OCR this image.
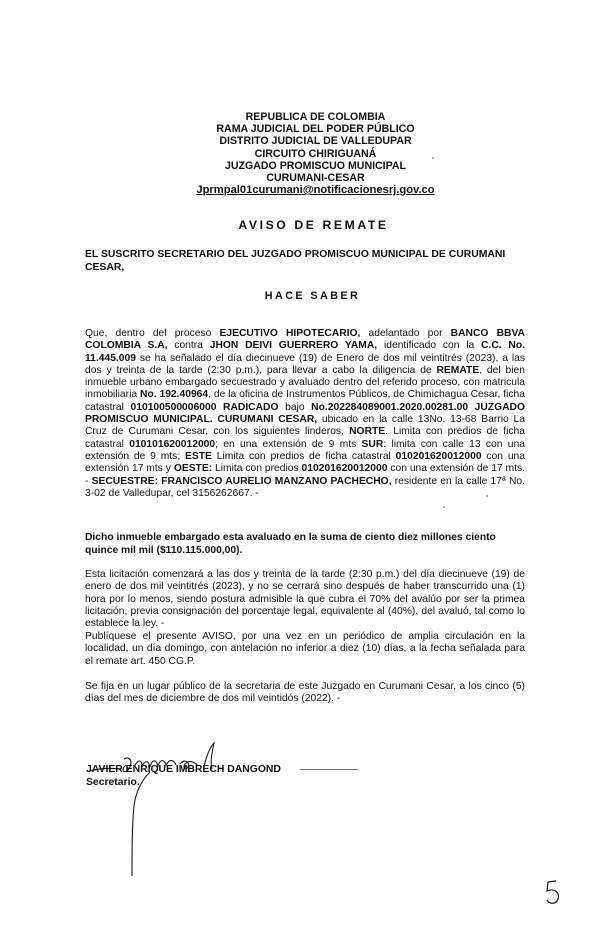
REPUBLICA DE COLOMBIA
RAMA JUDICIAL DEL PODER PÚBLICO
DISTRITO JUDICIAL DE VALLEDUPAR
CIRCUITO CHIRIGUANÁ
JUZGADO PROMISCUO MUNICIPAL
CURUMANI-CESAR
Jprmpal01curumani@notificacionesrj.gov.co
AVISO DE REMATE
EL SUSCRITO SECRETARIO DEL JUZGADO PROMISCUO MUNICIPAL DE CURUMANI CESAR,
HACE SABER
Que, dentro del proceso EJECUTIVO HIPOTECARIO, adelantado por BANCO BBVA COLOMBIA S.A, contra JHON DEIVI GUERRERO YAMA, identificado con la C.C. No. 11.445.009 se ha señalado el día diecinueve (19) de Enero de dos mil veintitrés (2023), a las dos y treinta de la tarde (2:30 p.m.), para llevar a cabo la diligencia de REMATE, del bien inmueble urbano embargado secuestrado y avaluado dentro del referido proceso, con matricula inmobiliaria No. 192.40964, de la oficina de Instrumentos Públicos, de Chimichagua Cesar, ficha catastral 010100500006000 RADICADO bajo No.202284089001.2020.00281.00 JUZGADO PROMISCUO MUNICIPAL. CURUMANI CESAR, ubicado en la calle 13No. 13-68 Barrio La Cruz de Curumani Cesar, con los siguientes linderos, NORTE. Limita con predios de ficha catastral 010101620012000; en una extensión de 9 mts SUR: limita con calle 13 con una extensión de 9 mts; ESTE Limita con predios de ficha catastral 010201620012000 con una extensión 17 mts y OESTE: Limita con predios 010201620012000 con una extensión de 17 mts. - SECUESTRE: FRANCISCO AURELIO MANZANO PACHECHO, residente en la calle 17ª No. 3-02 de Valledupar, cel 3156262667. -
Dicho inmueble embargado esta avaluado en la suma de ciento diez millones ciento quince mil mil ($110.115.000,00).
Esta licitación comenzará a las dos y treinta de la tarde (2:30 p.m.) del día diecinueve (19) de enero de dos mil veintitrés (2023), y no se cerrará sino después de haber transcurrido una (1) hora por lo menos, siendo postura admisible la que cubra el 70% del avalúo por ser la primea licitación, previa consignación del porcentaje legal, equivalente al (40%), del avaluó, tal como lo establece la ley. -
Publíquese el presente AVISO, por una vez en un periódico de amplia circulación en la localidad, un día domingo, con antelación no inferior a diez (10) días, a la fecha señalada para el remate art. 450 CG.P.
Se fija en un lugar público de la secretaria de este Juzgado en Curumani Cesar, a los cinco (5) días del mes de diciembre de dos mil veintidós (2022). -
JAVIER ENRIQUE IMBRECH DANGOND
Secretario.
